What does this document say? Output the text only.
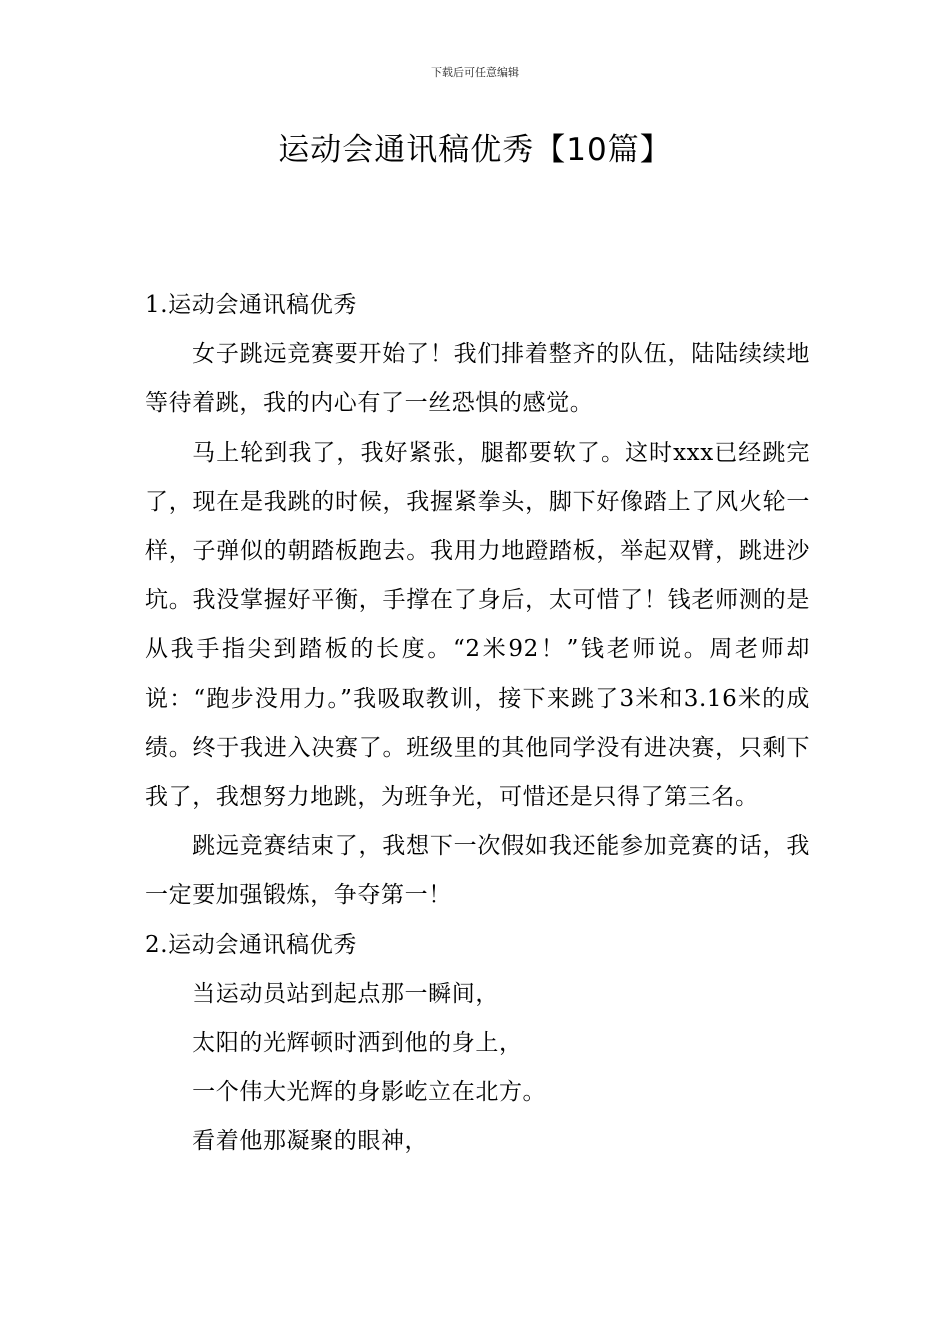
下载后可任意编辑
运动会通讯稿优秀【10篇】

1.运动会通讯稿优秀

女子跳远竞赛要开始了！我们排着整齐的队伍，陆陆续续地等待着跳，我的内心有了一丝恐惧的感觉。

马上轮到我了，我好紧张，腿都要软了。这时xxx已经跳完了，现在是我跳的时候，我握紧拳头，脚下好像踏上了风火轮一样，子弹似的朝踏板跑去。我用力地蹬踏板，举起双臂，跳进沙坑。我没掌握好平衡，手撑在了身后，太可惜了！钱老师测的是从我手指尖到踏板的长度。“2米92！”钱老师说。周老师却说：“跑步没用力。”我吸取教训，接下来跳了3米和3.16米的成绩。终于我进入决赛了。班级里的其他同学没有进决赛，只剩下我了，我想努力地跳，为班争光，可惜还是只得了第三名。

跳远竞赛结束了，我想下一次假如我还能参加竞赛的话，我一定要加强锻炼，争夺第一！

2.运动会通讯稿优秀

当运动员站到起点那一瞬间，

太阳的光辉顿时洒到他的身上，

一个伟大光辉的身影屹立在北方。

看着他那凝聚的眼神，
